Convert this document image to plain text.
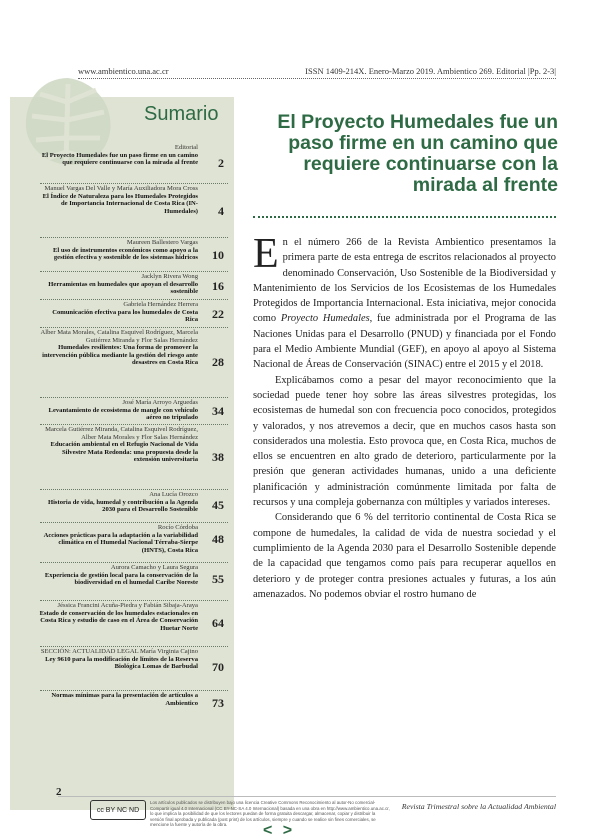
www.ambientico.una.ac.cr	ISSN 1409-214X. Enero-Marzo 2019. Ambientico 269. Editorial |Pp. 2-3|
Sumario
Editorial
El Proyecto Humedales fue un paso firme en un camino que requiere continuarse con la mirada al frente 2
Manuel Vargas Del Valle y María Auxiliadora Mora Cross
El Índice de Naturaleza para los Humedales Protegidos de Importancia Internacional de Costa Rica (IN-Humedales) 4
Maureen Ballestero Vargas
El uso de instrumentos económicos como apoyo a la gestión efectiva y sostenible de los sistemas hídricos 10
Jacklyn Rivera Wong
Herramientas en humedales que apoyan el desarrollo sostenible 16
Gabriela Hernández Herrera
Comunicación efectiva para los humedales de Costa Rica 22
Alber Mata Morales, Catalina Esquivel Rodríguez, Marcela Gutiérrez Miranda y Flor Salas Hernández
Humedales resilientes: Una forma de promover la intervención pública mediante la gestión del riesgo ante desastres en Costa Rica 28
José María Arroyo Arguedas
Levantamiento de ecosistema de mangle con vehículo aéreo no tripulado 34
Marcela Gutiérrez Miranda, Catalina Esquivel Rodríguez, Alber Mata Morales y Flor Salas Hernández
Educación ambiental en el Refugio Nacional de Vida Silvestre Mata Redonda: una propuesta desde la extensión universitaria 38
Ana Lucía Orozco
Historia de vida, humedal y contribución a la Agenda 2030 para el Desarrollo Sostenible 45
Rocío Córdoba
Acciones prácticas para la adaptación a la variabilidad climática en el Humedal Nacional Térraba-Sierpe (HNTS), Costa Rica
48
Aurora Camacho y Laura Segura
Experiencia de gestión local para la conservación de la biodiversidad en el humedal Caribe Noreste 55
Jéssica Francini Acuña-Piedra y Fabián Sibaja-Araya
Estado de conservación de los humedales estacionales en Costa Rica y estudio de caso en el Área de Conservación Huetar Norte 64
SECCIÓN: ACTUALIDAD LEGAL María Virginia Cajino
Ley 9610 para la modificación de límites de la Reserva Biológica Lomas de Barbudal 70
Normas mínimas para la presentación de artículos a Ambientico 73
El Proyecto Humedales fue un paso firme en un camino que requiere continuarse con la mirada al frente

En el número 266 de la Revista Ambientico presentamos la primera parte de esta entrega de escritos relacionados al proyecto denominado Conservación, Uso Sostenible de la Biodiversidad y Mantenimiento de los Servicios de los Ecosistemas de los Humedales Protegidos de Importancia Internacional. Esta iniciativa, mejor conocida como Proyecto Humedales, fue administrada por el Programa de las Naciones Unidas para el Desarrollo (PNUD) y financiada por el Fondo para el Medio Ambiente Mundial (GEF), en apoyo al apoyo al Sistema Nacional de Áreas de Conservación (SINAC) entre el 2015 y el 2018.

Explicábamos como a pesar del mayor reconocimiento que la sociedad puede tener hoy sobre las áreas silvestres protegidas, los ecosistemas de humedal son con frecuencia poco conocidos, protegidos y valorados, y nos atrevemos a decir, que en muchos casos hasta son considerados una molestia. Esto provoca que, en Costa Rica, muchos de ellos se encuentren en alto grado de deterioro, particularmente por la presión que generan actividades humanas, unido a una deficiente planificación y administración comúnmente limitada por falta de recursos y una compleja gobernanza con múltiples y variados intereses.

Considerando que 6 % del territorio continental de Costa Rica se compone de humedales, la calidad de vida de nuestra sociedad y el cumplimiento de la Agenda 2030 para el Desarrollo Sostenible depende de la capacidad que tengamos como país para recuperar aquellos en deterioro y de proteger contra presiones actuales y futuras, a los aún amenazados. No podemos obviar el rostro humano de

2
cc BY NC ND
Los artículos publicados se distribuyen bajo una licencia Creative Commons Reconocimiento al autor-No comercial-Compartir igual 4.0 Internacional (CC BY-NC-SA 4.0 Internacional) basada en una obra en http://www.ambientico.una.ac.cr, lo que implica la posibilidad de que los lectores puedan de forma gratuita descargar, almacenar, copiar y distribuir la versión final aprobada y publicada (post print) de los artículos, siempre y cuando se realice sin fines comerciales, se mencione la fuente y autoría de la obra.
Revista Trimestral sobre la Actualidad Ambiental
< >
